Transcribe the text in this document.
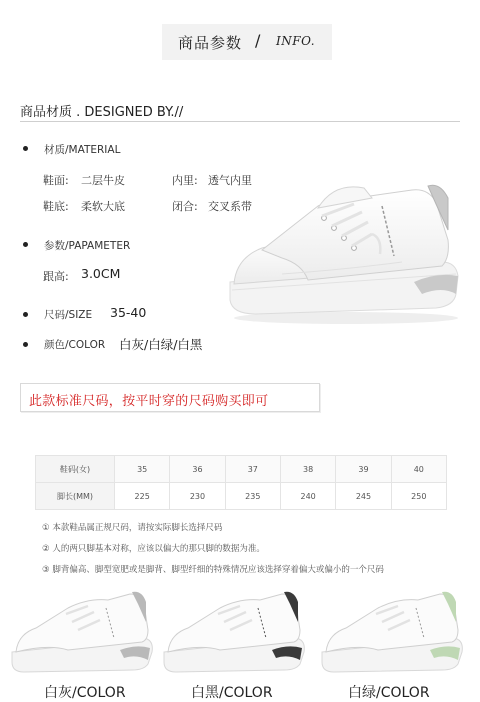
商品参数 / INFO.
商品材质 . DESIGNED BY.//
材质/MATERIAL
鞋面: 二层牛皮	内里: 透气内里
鞋底: 柔软大底	闭合: 交叉系带
参数/PAPAMETER
跟高: 3.0CM
尺码/SIZE 35-40
颜色/COLOR 白灰/白绿/白黑
此款标准尺码，按平时穿的尺码购买即可
鞋码(女)	35	36	37	38	39	40
脚长(MM)	225	230	235	240	245	250
① 本款鞋品属正规尺码，请按实际脚长选择尺码
② 人的两只脚基本对称，应该以偏大的那只脚的数据为准。
③ 脚背偏高、脚型宽肥或是脚背、脚型纤细的特殊情况应该选择穿着偏大或偏小的一个尺码
白灰/COLOR	白黑/COLOR	白绿/COLOR
